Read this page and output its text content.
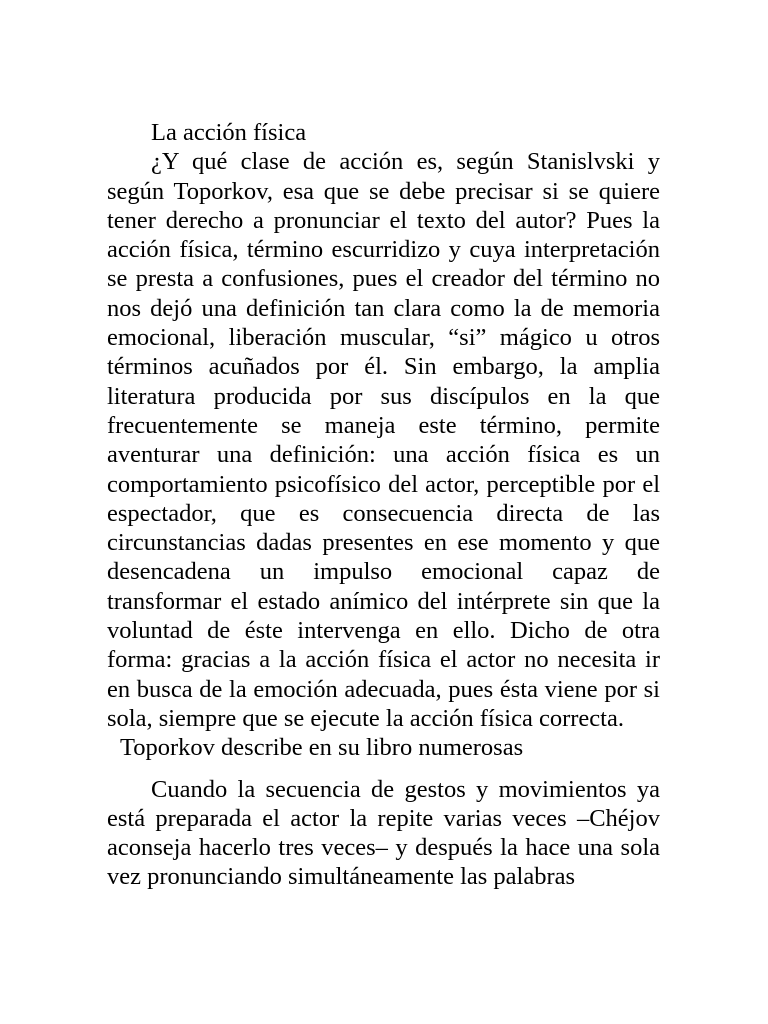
La acción física

¿Y qué clase de acción es, según Stanislvski y según Toporkov, esa que se debe precisar si se quiere tener derecho a pronunciar el texto del autor? Pues la acción física, término escurridizo y cuya interpretación se presta a confusiones, pues el creador del término no nos dejó una definición tan clara como la de memoria emocional, liberación muscular, “si” mágico u otros términos acuñados por él. Sin embargo, la amplia literatura producida por sus discípulos en la que frecuentemente se maneja este término, permite aventurar una definición: una acción física es un comportamiento psicofísico del actor, perceptible por el espectador, que es consecuencia directa de las circunstancias dadas presentes en ese momento y que desencadena un impulso emocional capaz de transformar el estado anímico del intérprete sin que la voluntad de éste intervenga en ello. Dicho de otra forma: gracias a la acción física el actor no necesita ir en busca de la emoción adecuada, pues ésta viene por si sola, siempre que se ejecute la acción física correcta.

Toporkov describe en su libro numerosas

Cuando la secuencia de gestos y movimientos ya está preparada el actor la repite varias veces –Chéjov aconseja hacerlo tres veces– y después la hace una sola vez pronunciando simultáneamente las palabras
